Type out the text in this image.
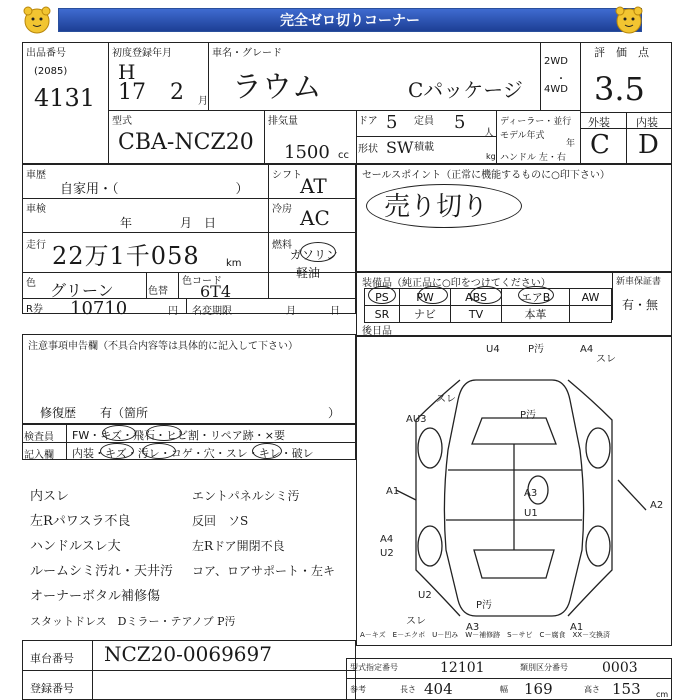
完全ゼロ切りコーナー
出品番号
(2085)
4131
初度登録年月
H
17 2 月
車名・グレード
ラウム	Cパッケージ
2WD
・
4WD
評　価　点
3.5
外装 内装
C D
型式
CBA-NCZ20
排気量
1500 cc
ドア 5 定員 5
人
形状 SW 積載
kg
ディーラー・並行
モデル年式
年
ハンドル 左・右
車歴
自家用・（　　　　　　　　　）
シフト
AT
車検
年	月　日
冷房 AC
走行 22万1千058	km
燃料
ガソリン
軽油
色 グリーン	色替
色コード
6T4
R券 10710	円 名変期限	月	日
セールスポイント（正常に機能するものに○印下さい）
売り切り
装備品（純正品に○印をつけてください）	新車保証書
有・無
PS	PW	ABS	エアB	AW
SR	ナビ	TV	本革	
後日品
注意事項申告欄（不具合内容等は具体的に記入して下さい）
修復歴　　有（箇所　　　　　　　　　　　　　　　）
検査員 FW・キズ・飛石・ヒビ割・リペア跡・×要
記入欄 内装・キズ・汚レ・コゲ・穴・スレ・キレ・破レ
内スレ
左Rパワスラ不良
ハンドルスレ大
ルームシミ汚れ・天井汚
オーナーボタル補修傷
スタットドレス　Dミラー・テアノブ P汚
エントパネルシミ汚
反回　ソS
左Rドア開閉不良
コア、ロアサポート・左キ
U4	P汚	A4
スレ
AU3
スレ
P汚
A1
A2
A3
U1
A4
U2
U2
スレ
A3	A1
P汚
A－キズ　E－エクボ　U－凹み　W－補修跡　S－サビ　C－腐食　XX－交換済
車台番号 NCZ20-0069697
登録番号
型式指定番号	12101	類別区分番号 0003
参考	長さ 404	幅 169	高さ 153 cm
